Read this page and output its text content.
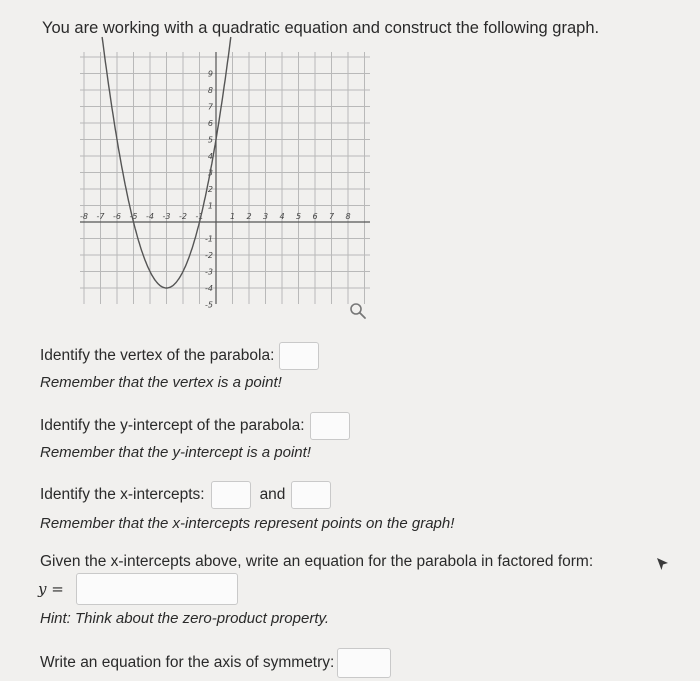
You are working with a quadratic equation and construct the following graph.
-8 -7 -6 -5 -4 -3 -2 -1	1 2 3 4 5 6 7 8
9
8
7
6
5
4
3
2
1
-1
-2
-3
-4
-5
Identify the vertex of the parabola:
Remember that the vertex is a point!
Identify the y-intercept of the parabola:
Remember that the y-intercept is a point!
Identify the x-intercepts:	and
Remember that the x-intercepts represent points on the graph!
Given the x-intercepts above, write an equation for the parabola in factored form:
y =
Hint: Think about the zero-product property.
Write an equation for the axis of symmetry:
